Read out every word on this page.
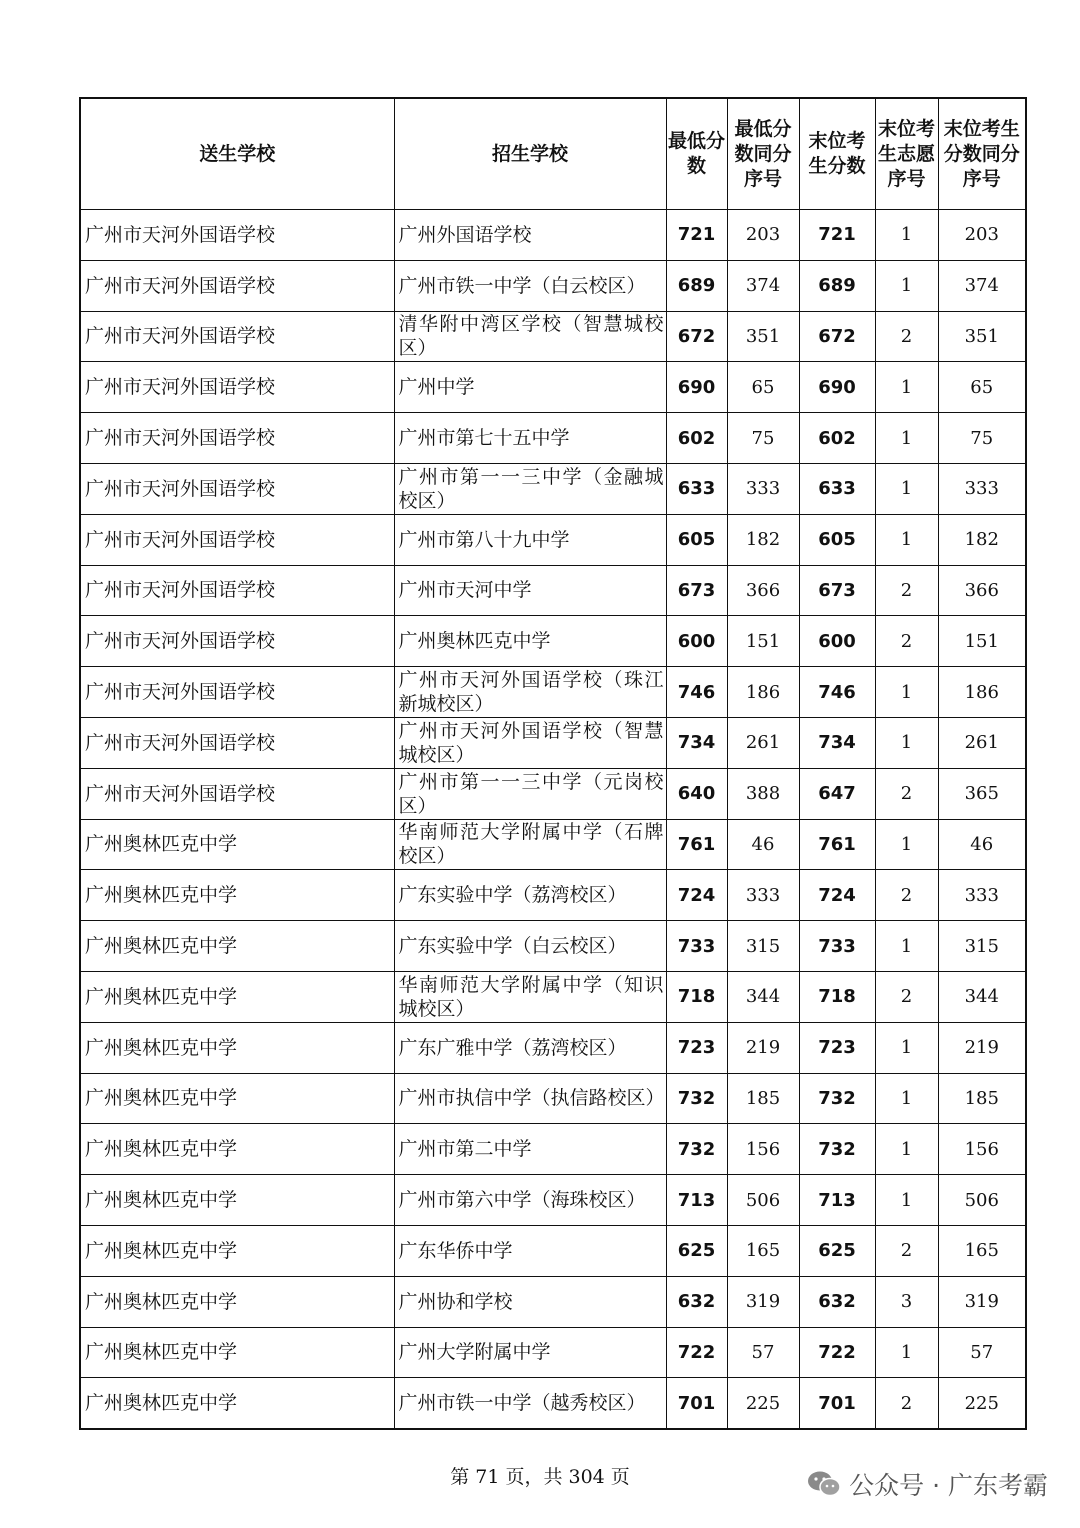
送生学校	招生学校	最低分数	最低分数同分序号	末位考生分数	末位考生志愿序号	末位考生分数同分序号
广州市天河外国语学校	广州外国语学校	721	203	721	1	203
广州市天河外国语学校	广州市铁一中学（白云校区）	689	374	689	1	374
广州市天河外国语学校	清华附中湾区学校（智慧城校区）	672	351	672	2	351
广州市天河外国语学校	广州中学	690	65	690	1	65
广州市天河外国语学校	广州市第七十五中学	602	75	602	1	75
广州市天河外国语学校	广州市第一一三中学（金融城校区）	633	333	633	1	333
广州市天河外国语学校	广州市第八十九中学	605	182	605	1	182
广州市天河外国语学校	广州市天河中学	673	366	673	2	366
广州市天河外国语学校	广州奥林匹克中学	600	151	600	2	151
广州市天河外国语学校	广州市天河外国语学校（珠江新城校区）	746	186	746	1	186
广州市天河外国语学校	广州市天河外国语学校（智慧城校区）	734	261	734	1	261
广州市天河外国语学校	广州市第一一三中学（元岗校区）	640	388	647	2	365
广州奥林匹克中学	华南师范大学附属中学（石牌校区）	761	46	761	1	46
广州奥林匹克中学	广东实验中学（荔湾校区）	724	333	724	2	333
广州奥林匹克中学	广东实验中学（白云校区）	733	315	733	1	315
广州奥林匹克中学	华南师范大学附属中学（知识城校区）	718	344	718	2	344
广州奥林匹克中学	广东广雅中学（荔湾校区）	723	219	723	1	219
广州奥林匹克中学	广州市执信中学（执信路校区）	732	185	732	1	185
广州奥林匹克中学	广州市第二中学	732	156	732	1	156
广州奥林匹克中学	广州市第六中学（海珠校区）	713	506	713	1	506
广州奥林匹克中学	广东华侨中学	625	165	625	2	165
广州奥林匹克中学	广州协和学校	632	319	632	3	319
广州奥林匹克中学	广州大学附属中学	722	57	722	1	57
广州奥林匹克中学	广州市铁一中学（越秀校区）	701	225	701	2	225
第 71 页，共 304 页	公众号 · 广东考霸
